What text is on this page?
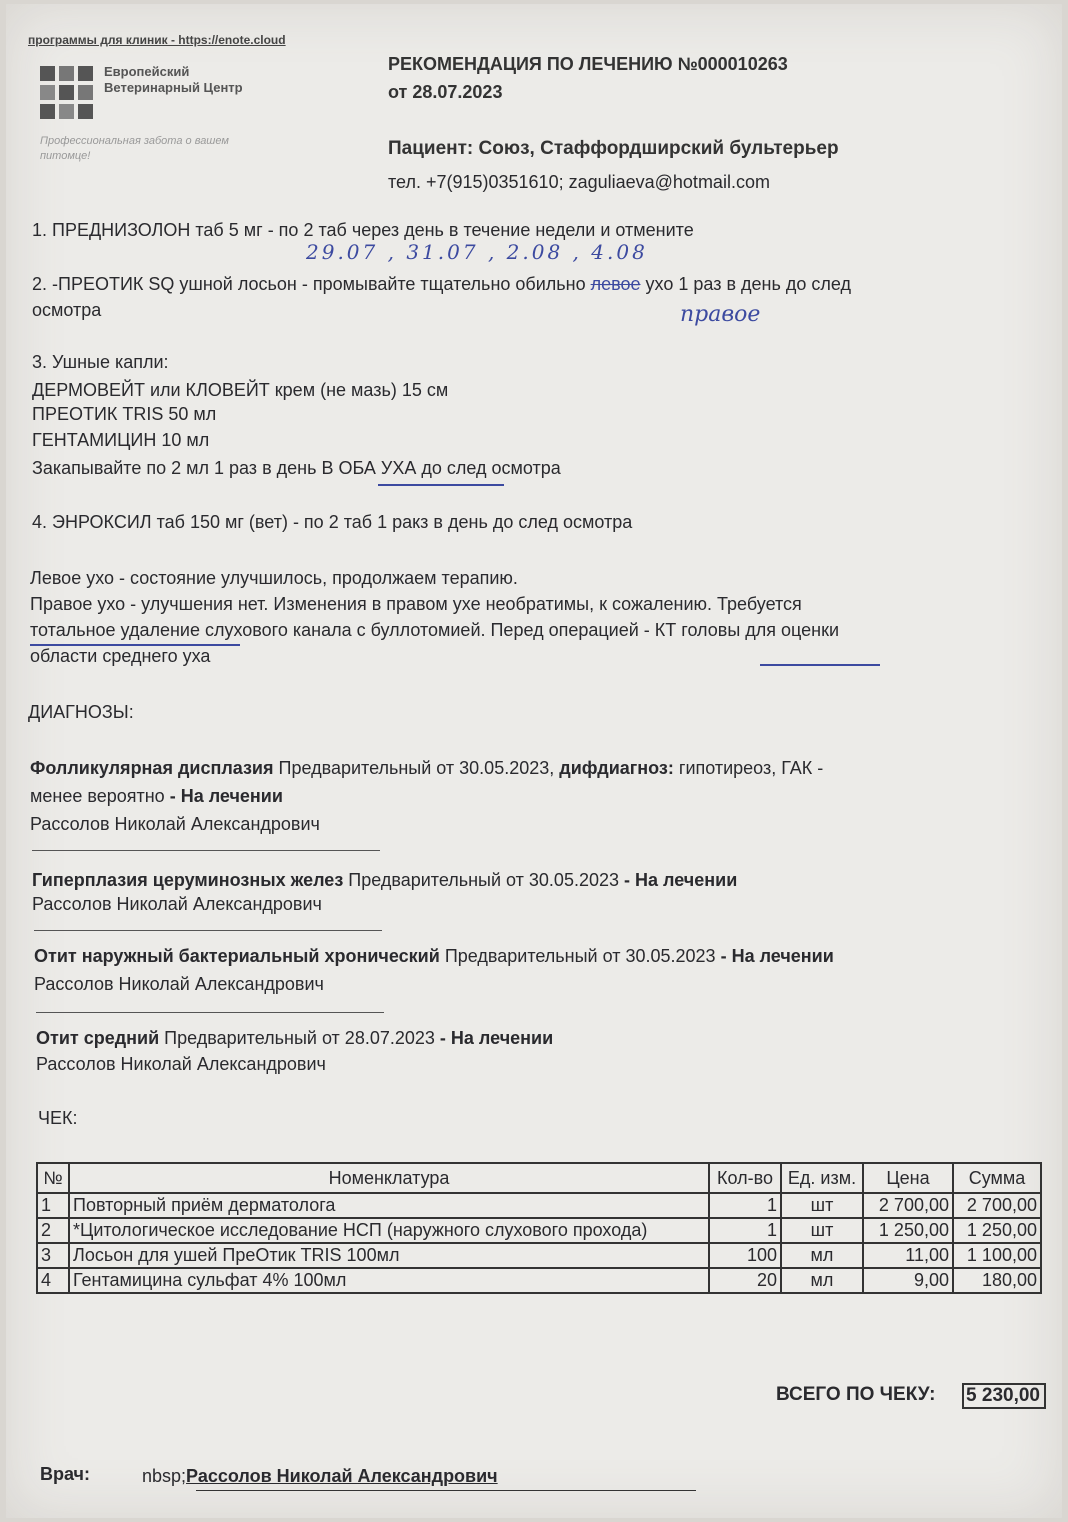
программы для клиник - https://enote.cloud
Европейский Ветеринарный Центр
Профессиональная забота о вашем питомце!
РЕКОМЕНДАЦИЯ ПО ЛЕЧЕНИЮ №000010263
от 28.07.2023
Пациент: Союз, Стаффордширский бультерьер
тел. +7(915)0351610; zaguliaeva@hotmail.com
1. ПРЕДНИЗОЛОН таб 5 мг - по 2 таб через день в течение недели и отмените
29.07 , 31.07 , 2.08 , 4.08
2. -ПРЕОТИК SQ ушной лосьон - промывайте тщательно обильно левое ухо 1 раз в день до след
осмотра	правое
3. Ушные капли:
ДЕРМОВЕЙТ или КЛОВЕЙТ крем (не мазь) 15 см
ПРЕОТИК TRIS 50 мл
ГЕНТАМИЦИН 10 мл
Закапывайте по 2 мл 1 раз в день В ОБА УХА до след осмотра
4. ЭНРОКСИЛ таб 150 мг (вет) - по 2 таб 1 ракз в день до след осмотра
Левое ухо - состояние улучшилось, продолжаем терапию.
Правое ухо - улучшения нет. Изменения в правом ухе необратимы, к сожалению. Требуется
тотальное удаление слухового канала с буллотомией. Перед операцией - КТ головы для оценки
области среднего уха
ДИАГНОЗЫ:
Фолликулярная дисплазия Предварительный от 30.05.2023, дифдиагноз: гипотиреоз, ГАК -
менее вероятно - На лечении
Рассолов Николай Александрович
Гиперплазия церуминозных желез Предварительный от 30.05.2023 - На лечении
Рассолов Николай Александрович
Отит наружный бактериальный хронический Предварительный от 30.05.2023 - На лечении
Рассолов Николай Александрович
Отит средний Предварительный от 28.07.2023 - На лечении
Рассолов Николай Александрович
ЧЕК:
№	Номенклатура	Кол-во	Ед. изм.	Цена	Сумма
1	Повторный приём дерматолога	1	шт	2 700,00	2 700,00
2	*Цитологическое исследование НСП (наружного слухового прохода)	1	шт	1 250,00	1 250,00
3	Лосьон для ушей ПреОтик TRIS 100мл	100	мл	11,00	1 100,00
4	Гентамицина сульфат 4% 100мл	20	мл	9,00	180,00
ВСЕГО ПО ЧЕКУ: 5 230,00
Врач:	nbsp;Рассолов Николай Александрович
